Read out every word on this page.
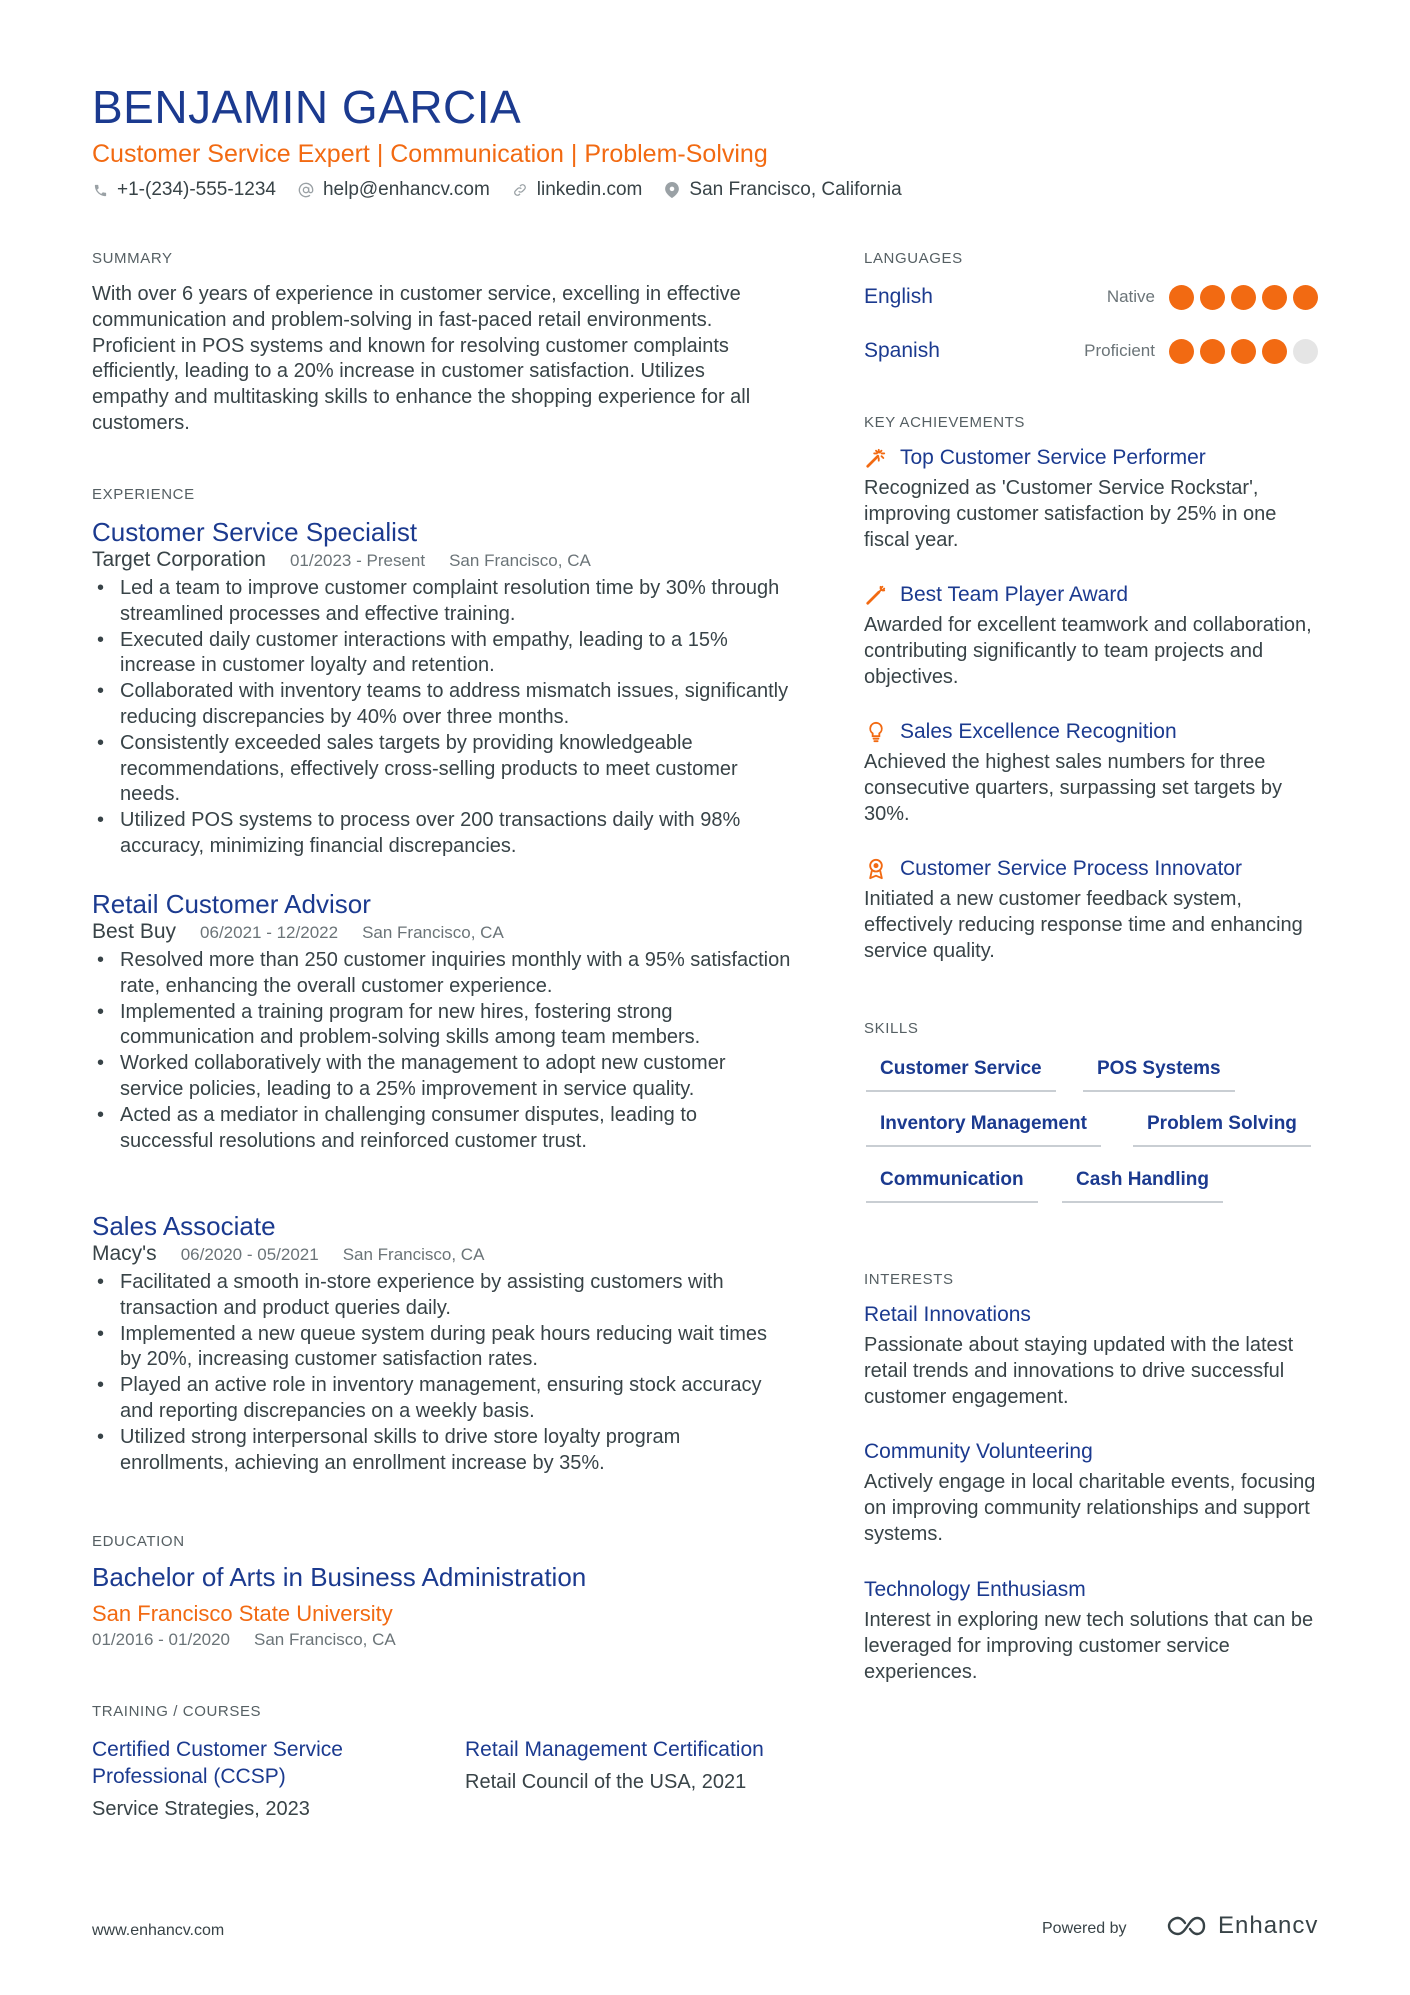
BENJAMIN GARCIA
Customer Service Expert | Communication | Problem-Solving
+1-(234)-555-1234 help@enhancv.com linkedin.com San Francisco, California
SUMMARY
With over 6 years of experience in customer service, excelling in effective communication and problem-solving in fast-paced retail environments. Proficient in POS systems and known for resolving customer complaints efficiently, leading to a 20% increase in customer satisfaction. Utilizes empathy and multitasking skills to enhance the shopping experience for all customers.
EXPERIENCE
Customer Service Specialist
Target Corporation 01/2023 - Present San Francisco, CA
• Led a team to improve customer complaint resolution time by 30% through streamlined processes and effective training.
• Executed daily customer interactions with empathy, leading to a 15% increase in customer loyalty and retention.
• Collaborated with inventory teams to address mismatch issues, significantly reducing discrepancies by 40% over three months.
• Consistently exceeded sales targets by providing knowledgeable recommendations, effectively cross-selling products to meet customer needs.
• Utilized POS systems to process over 200 transactions daily with 98% accuracy, minimizing financial discrepancies.
Retail Customer Advisor
Best Buy 06/2021 - 12/2022 San Francisco, CA
• Resolved more than 250 customer inquiries monthly with a 95% satisfaction rate, enhancing the overall customer experience.
• Implemented a training program for new hires, fostering strong communication and problem-solving skills among team members.
• Worked collaboratively with the management to adopt new customer service policies, leading to a 25% improvement in service quality.
• Acted as a mediator in challenging consumer disputes, leading to successful resolutions and reinforced customer trust.
Sales Associate
Macy's 06/2020 - 05/2021 San Francisco, CA
• Facilitated a smooth in-store experience by assisting customers with transaction and product queries daily.
• Implemented a new queue system during peak hours reducing wait times by 20%, increasing customer satisfaction rates.
• Played an active role in inventory management, ensuring stock accuracy and reporting discrepancies on a weekly basis.
• Utilized strong interpersonal skills to drive store loyalty program enrollments, achieving an enrollment increase by 35%.
EDUCATION
Bachelor of Arts in Business Administration
San Francisco State University
01/2016 - 01/2020 San Francisco, CA
TRAINING / COURSES
Certified Customer Service Professional (CCSP)
Service Strategies, 2023
Retail Management Certification
Retail Council of the USA, 2021
LANGUAGES
English	Native
Spanish	Proficient
KEY ACHIEVEMENTS
Top Customer Service Performer
Recognized as 'Customer Service Rockstar', improving customer satisfaction by 25% in one fiscal year.
Best Team Player Award
Awarded for excellent teamwork and collaboration, contributing significantly to team projects and objectives.
Sales Excellence Recognition
Achieved the highest sales numbers for three consecutive quarters, surpassing set targets by 30%.
Customer Service Process Innovator
Initiated a new customer feedback system, effectively reducing response time and enhancing service quality.
SKILLS
Customer Service	POS Systems
Inventory Management	Problem Solving
Communication	Cash Handling
INTERESTS
Retail Innovations
Passionate about staying updated with the latest retail trends and innovations to drive successful customer engagement.
Community Volunteering
Actively engage in local charitable events, focusing on improving community relationships and support systems.
Technology Enthusiasm
Interest in exploring new tech solutions that can be leveraged for improving customer service experiences.
www.enhancv.com	Powered by	Enhancv
